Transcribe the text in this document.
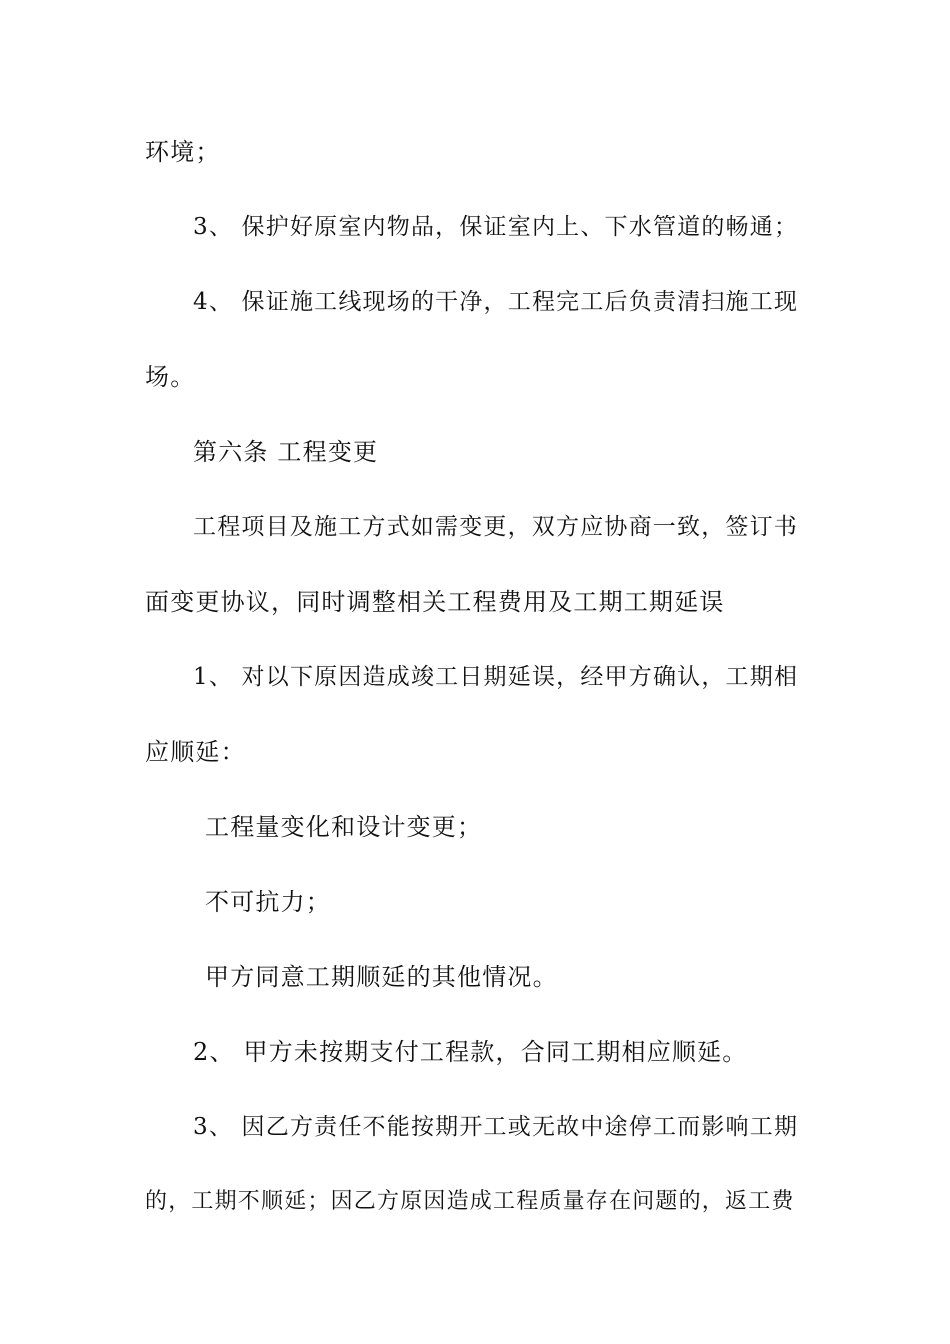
环境；

3、 保护好原室内物品，保证室内上、下水管道的畅通；

4、 保证施工线现场的干净，工程完工后负责清扫施工现

场。

第六条 工程变更

工程项目及施工方式如需变更，双方应协商一致，签订书

面变更协议，同时调整相关工程费用及工期工期延误

1、 对以下原因造成竣工日期延误，经甲方确认，工期相

应顺延：

工程量变化和设计变更；

不可抗力；

甲方同意工期顺延的其他情况。

2、 甲方未按期支付工程款，合同工期相应顺延。

3、 因乙方责任不能按期开工或无故中途停工而影响工期

的，工期不顺延；因乙方原因造成工程质量存在问题的，返工费
